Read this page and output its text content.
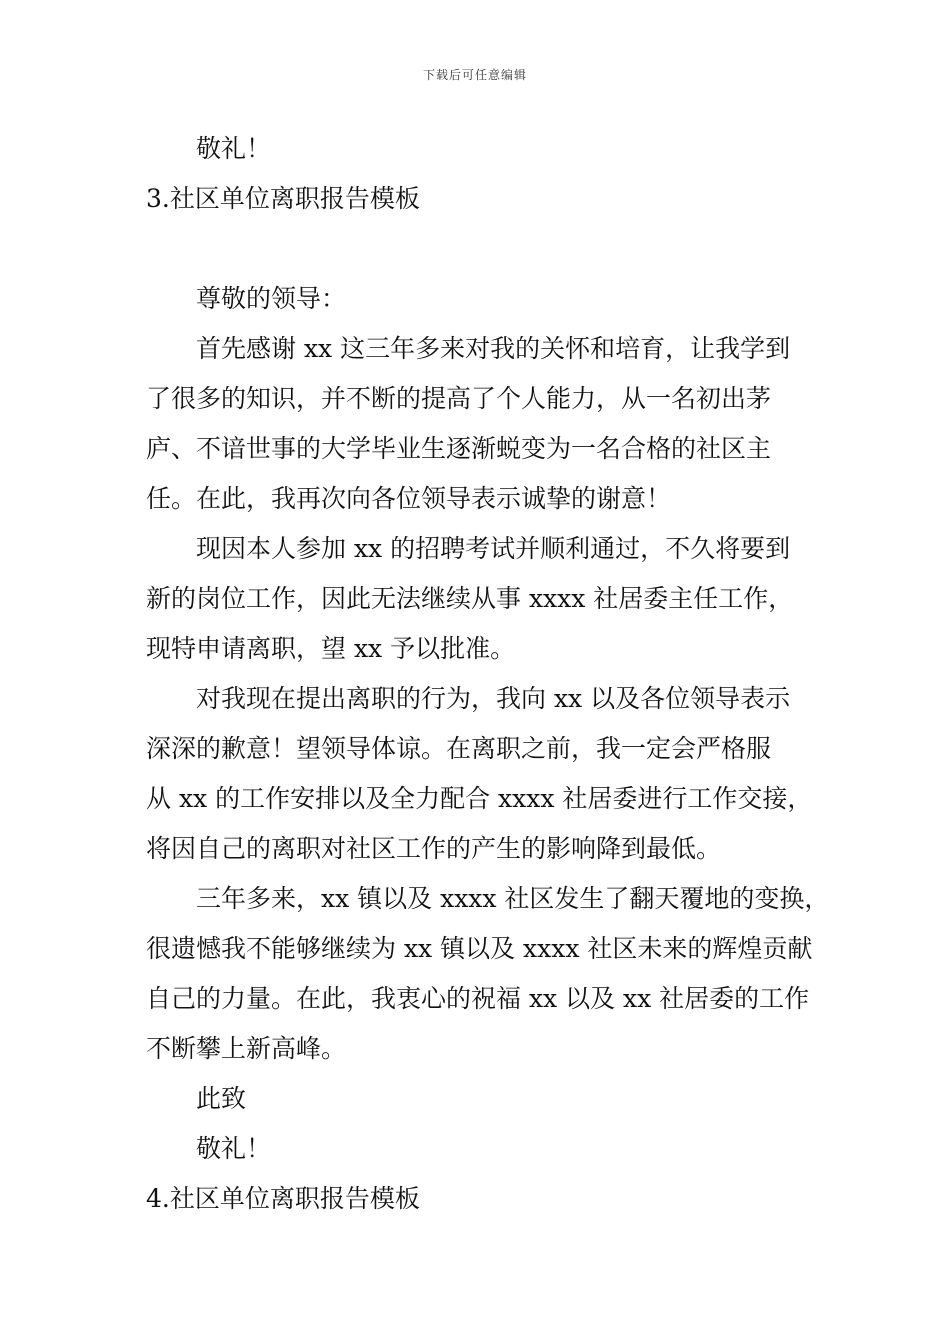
下载后可任意编辑
敬礼！
3.社区单位离职报告模板
尊敬的领导：
首先感谢 xx 这三年多来对我的关怀和培育，让我学到
了很多的知识，并不断的提高了个人能力，从一名初出茅
庐、不谙世事的大学毕业生逐渐蜕变为一名合格的社区主
任。在此，我再次向各位领导表示诚挚的谢意！
现因本人参加 xx 的招聘考试并顺利通过，不久将要到
新的岗位工作，因此无法继续从事 xxxx 社居委主任工作，
现特申请离职，望 xx 予以批准。
对我现在提出离职的行为，我向 xx 以及各位领导表示
深深的歉意！望领导体谅。在离职之前，我一定会严格服
从 xx 的工作安排以及全力配合 xxxx 社居委进行工作交接，
将因自己的离职对社区工作的产生的影响降到最低。
三年多来，xx 镇以及 xxxx 社区发生了翻天覆地的变换，
很遗憾我不能够继续为 xx 镇以及 xxxx 社区未来的辉煌贡献
自己的力量。在此，我衷心的祝福 xx 以及 xx 社居委的工作
不断攀上新高峰。
此致
敬礼！
4.社区单位离职报告模板
